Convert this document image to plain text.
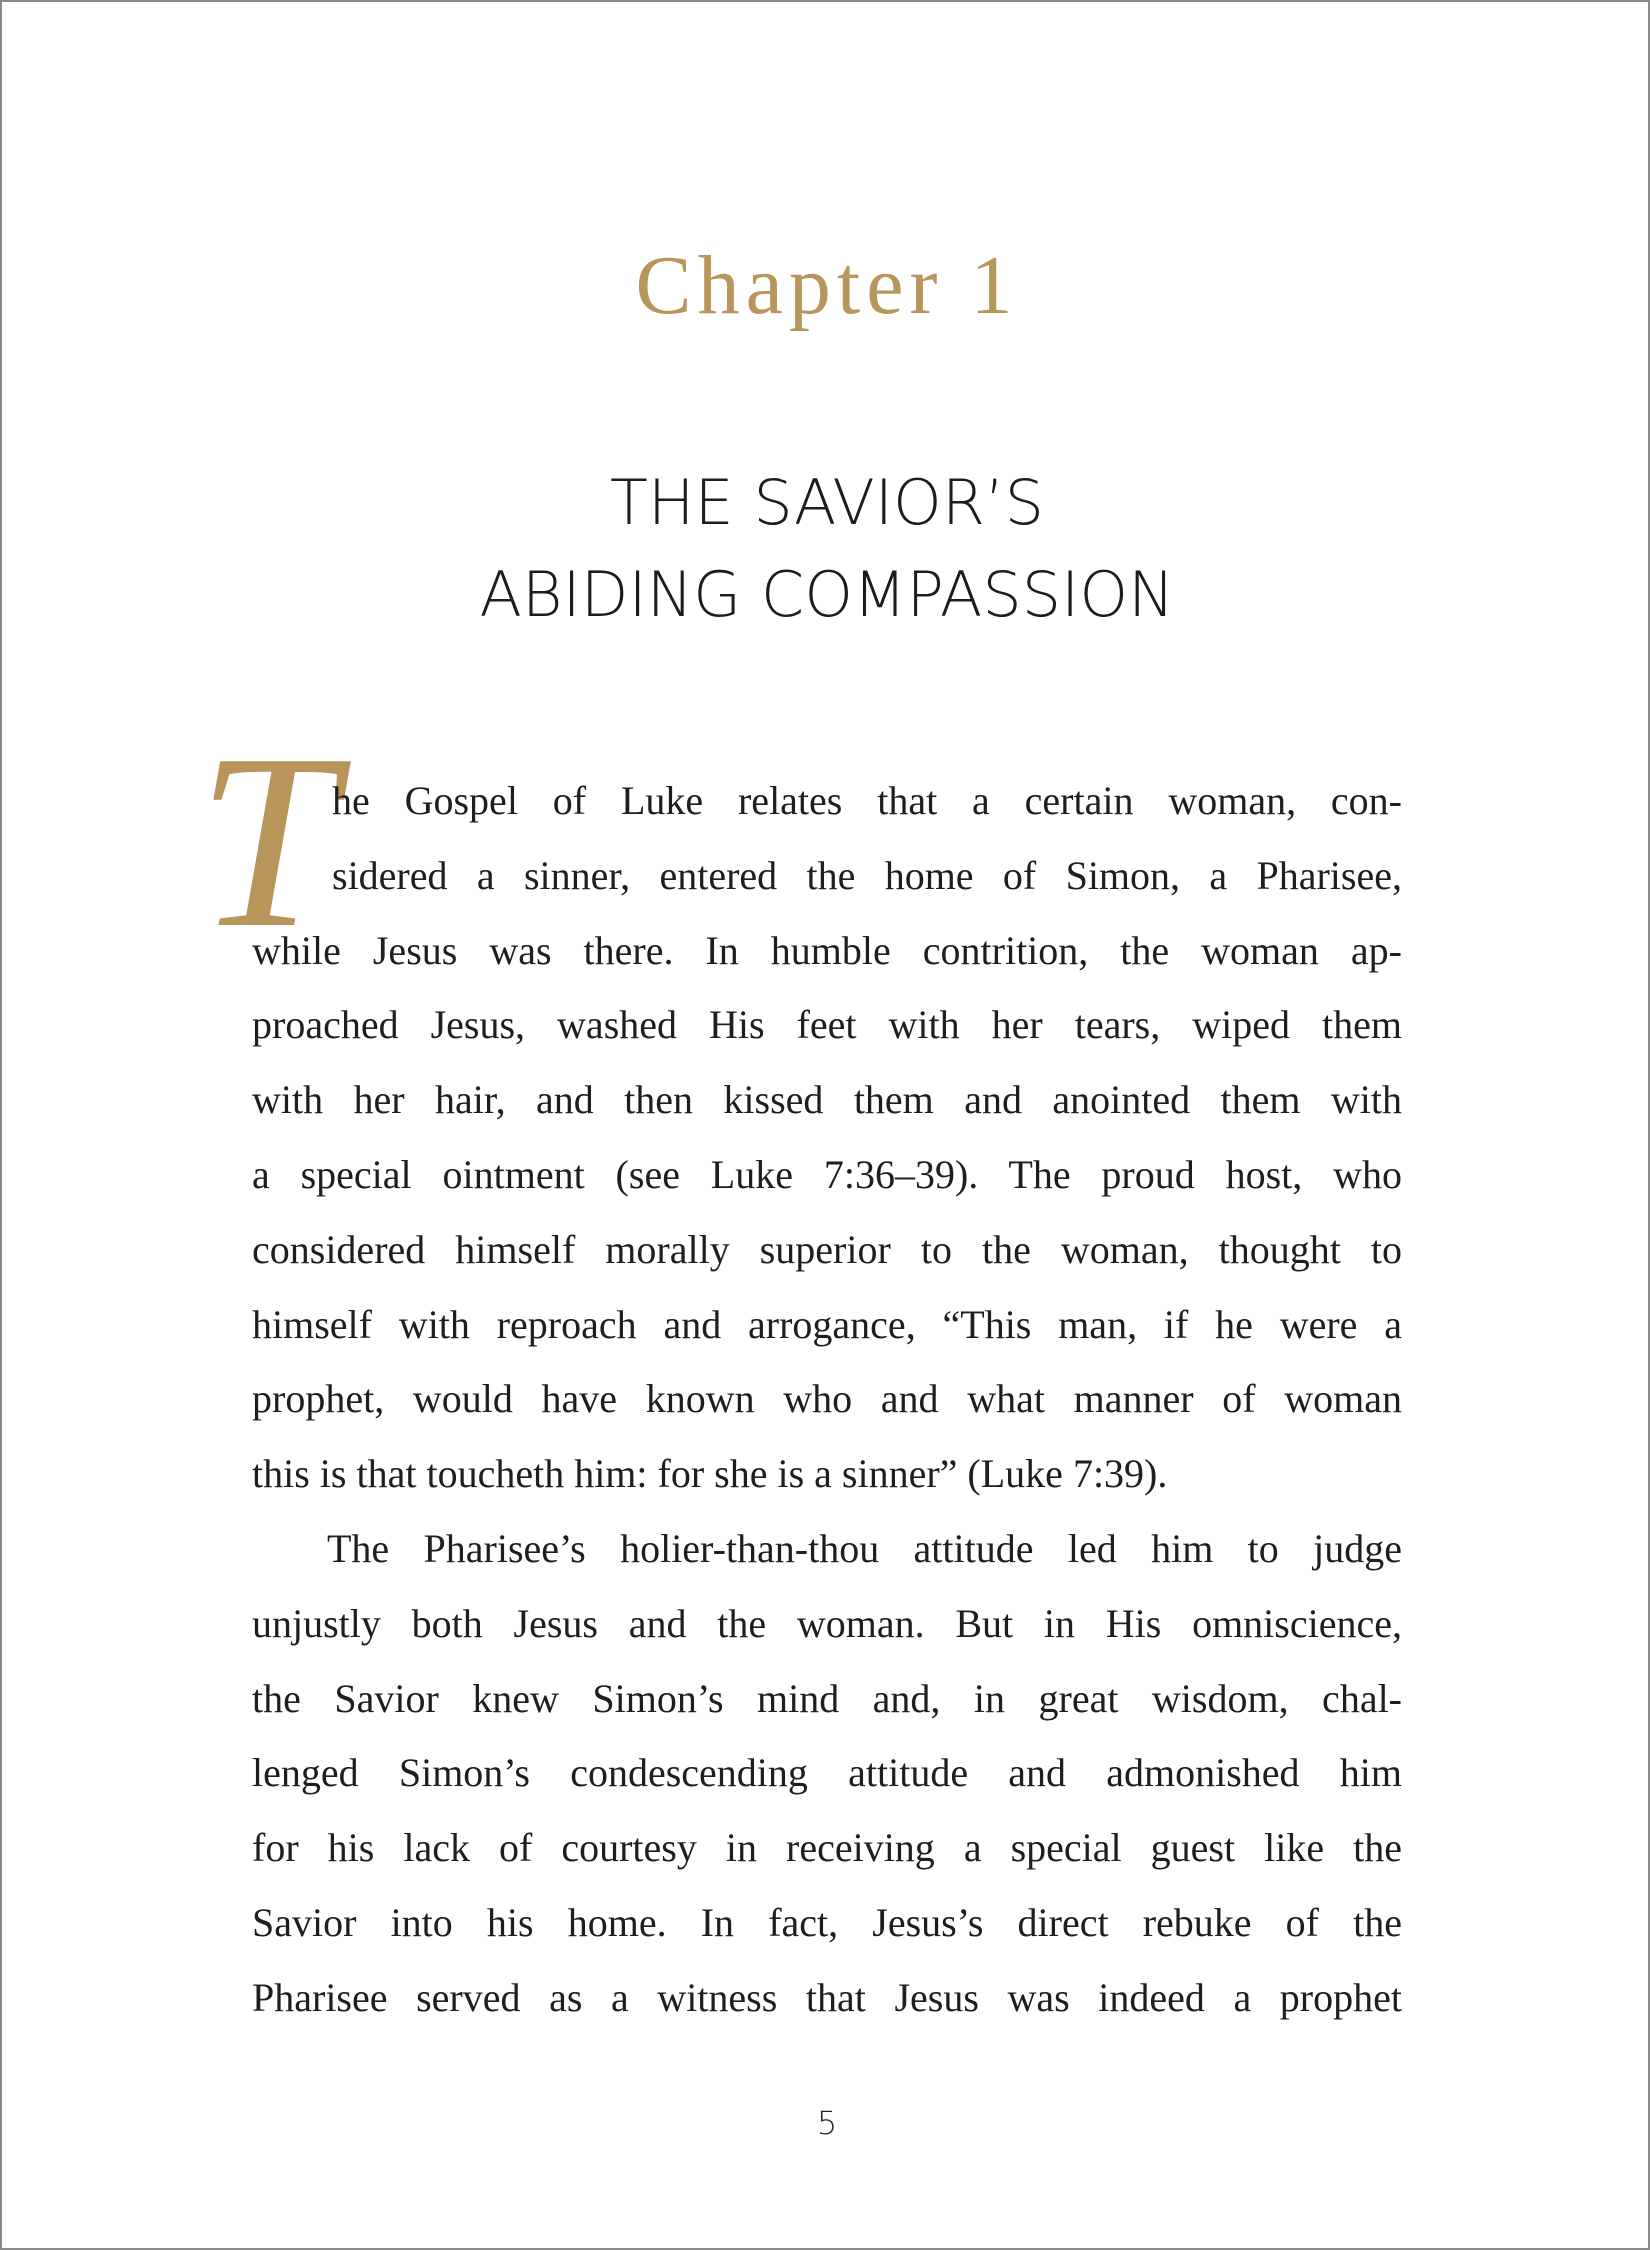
Chapter 1
THE SAVIOR’S
ABIDING COMPASSION
T
he Gospel of Luke relates that a certain woman, con-
sidered a sinner, entered the home of Simon, a Pharisee,
while Jesus was there. In humble contrition, the woman ap-
proached Jesus, washed His feet with her tears, wiped them
with her hair, and then kissed them and anointed them with
a special ointment (see Luke 7:36–39). The proud host, who
considered himself morally superior to the woman, thought to
himself with reproach and arrogance, “This man, if he were a
prophet, would have known who and what manner of woman
this is that toucheth him: for she is a sinner” (Luke 7:39).
The Pharisee’s holier-than-thou attitude led him to judge
unjustly both Jesus and the woman. But in His omniscience,
the Savior knew Simon’s mind and, in great wisdom, chal-
lenged Simon’s condescending attitude and admonished him
for his lack of courtesy in receiving a special guest like the
Savior into his home. In fact, Jesus’s direct rebuke of the
Pharisee served as a witness that Jesus was indeed a prophet
5
